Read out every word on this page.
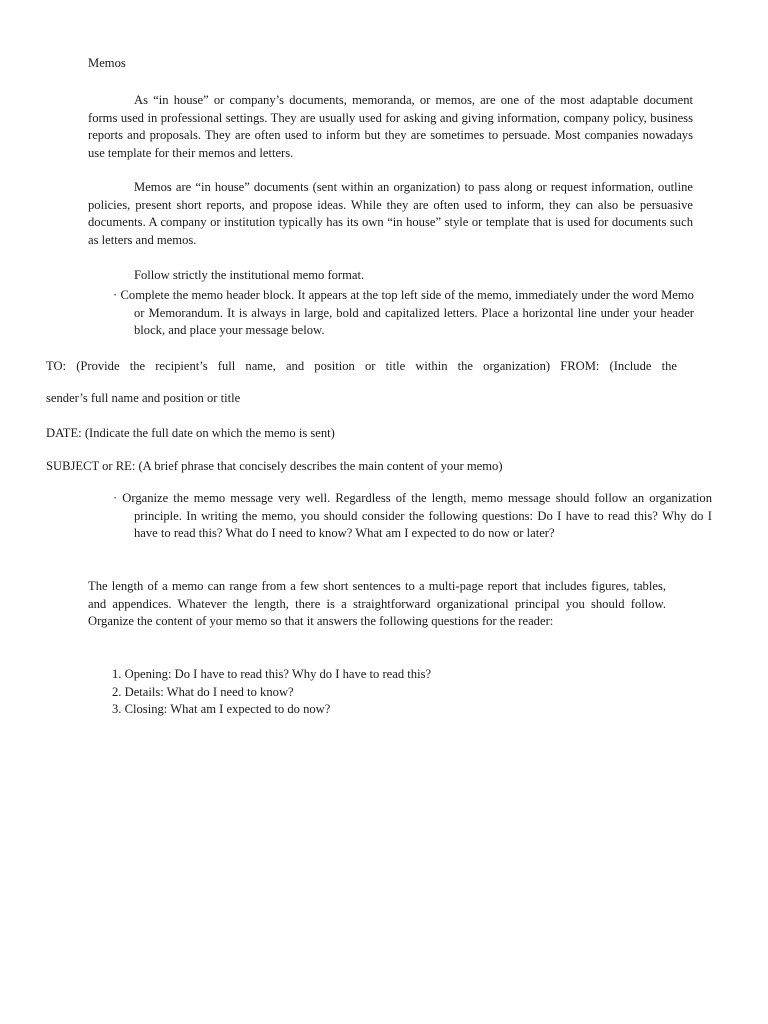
Memos

As “in house” or company’s documents, memoranda, or memos, are one of the most adaptable document forms used in professional settings. They are usually used for asking and giving information, company policy, business reports and proposals. They are often used to inform but they are sometimes to persuade. Most companies nowadays use template for their memos and letters.

Memos are “in house” documents (sent within an organization) to pass along or request information, outline policies, present short reports, and propose ideas. While they are often used to inform, they can also be persuasive documents. A company or institution typically has its own “in house” style or template that is used for documents such as letters and memos.

Follow strictly the institutional memo format.
· Complete the memo header block. It appears at the top left side of the memo, immediately under the word Memo or Memorandum. It is always in large, bold and capitalized letters. Place a horizontal line under your header block, and place your message below.
TO: (Provide the recipient’s full name, and position or title within the organization) FROM: (Include the
sender’s full name and position or title
DATE: (Indicate the full date on which the memo is sent)
SUBJECT or RE: (A brief phrase that concisely describes the main content of your memo)
· Organize the memo message very well. Regardless of the length, memo message should follow an organization principle. In writing the memo, you should consider the following questions: Do I have to read this? Why do I have to read this? What do I need to know? What am I expected to do now or later?

The length of a memo can range from a few short sentences to a multi-page report that includes figures, tables, and appendices. Whatever the length, there is a straightforward organizational principal you should follow. Organize the content of your memo so that it answers the following questions for the reader:

1. Opening: Do I have to read this? Why do I have to read this?
2. Details: What do I need to know?
3. Closing: What am I expected to do now?
